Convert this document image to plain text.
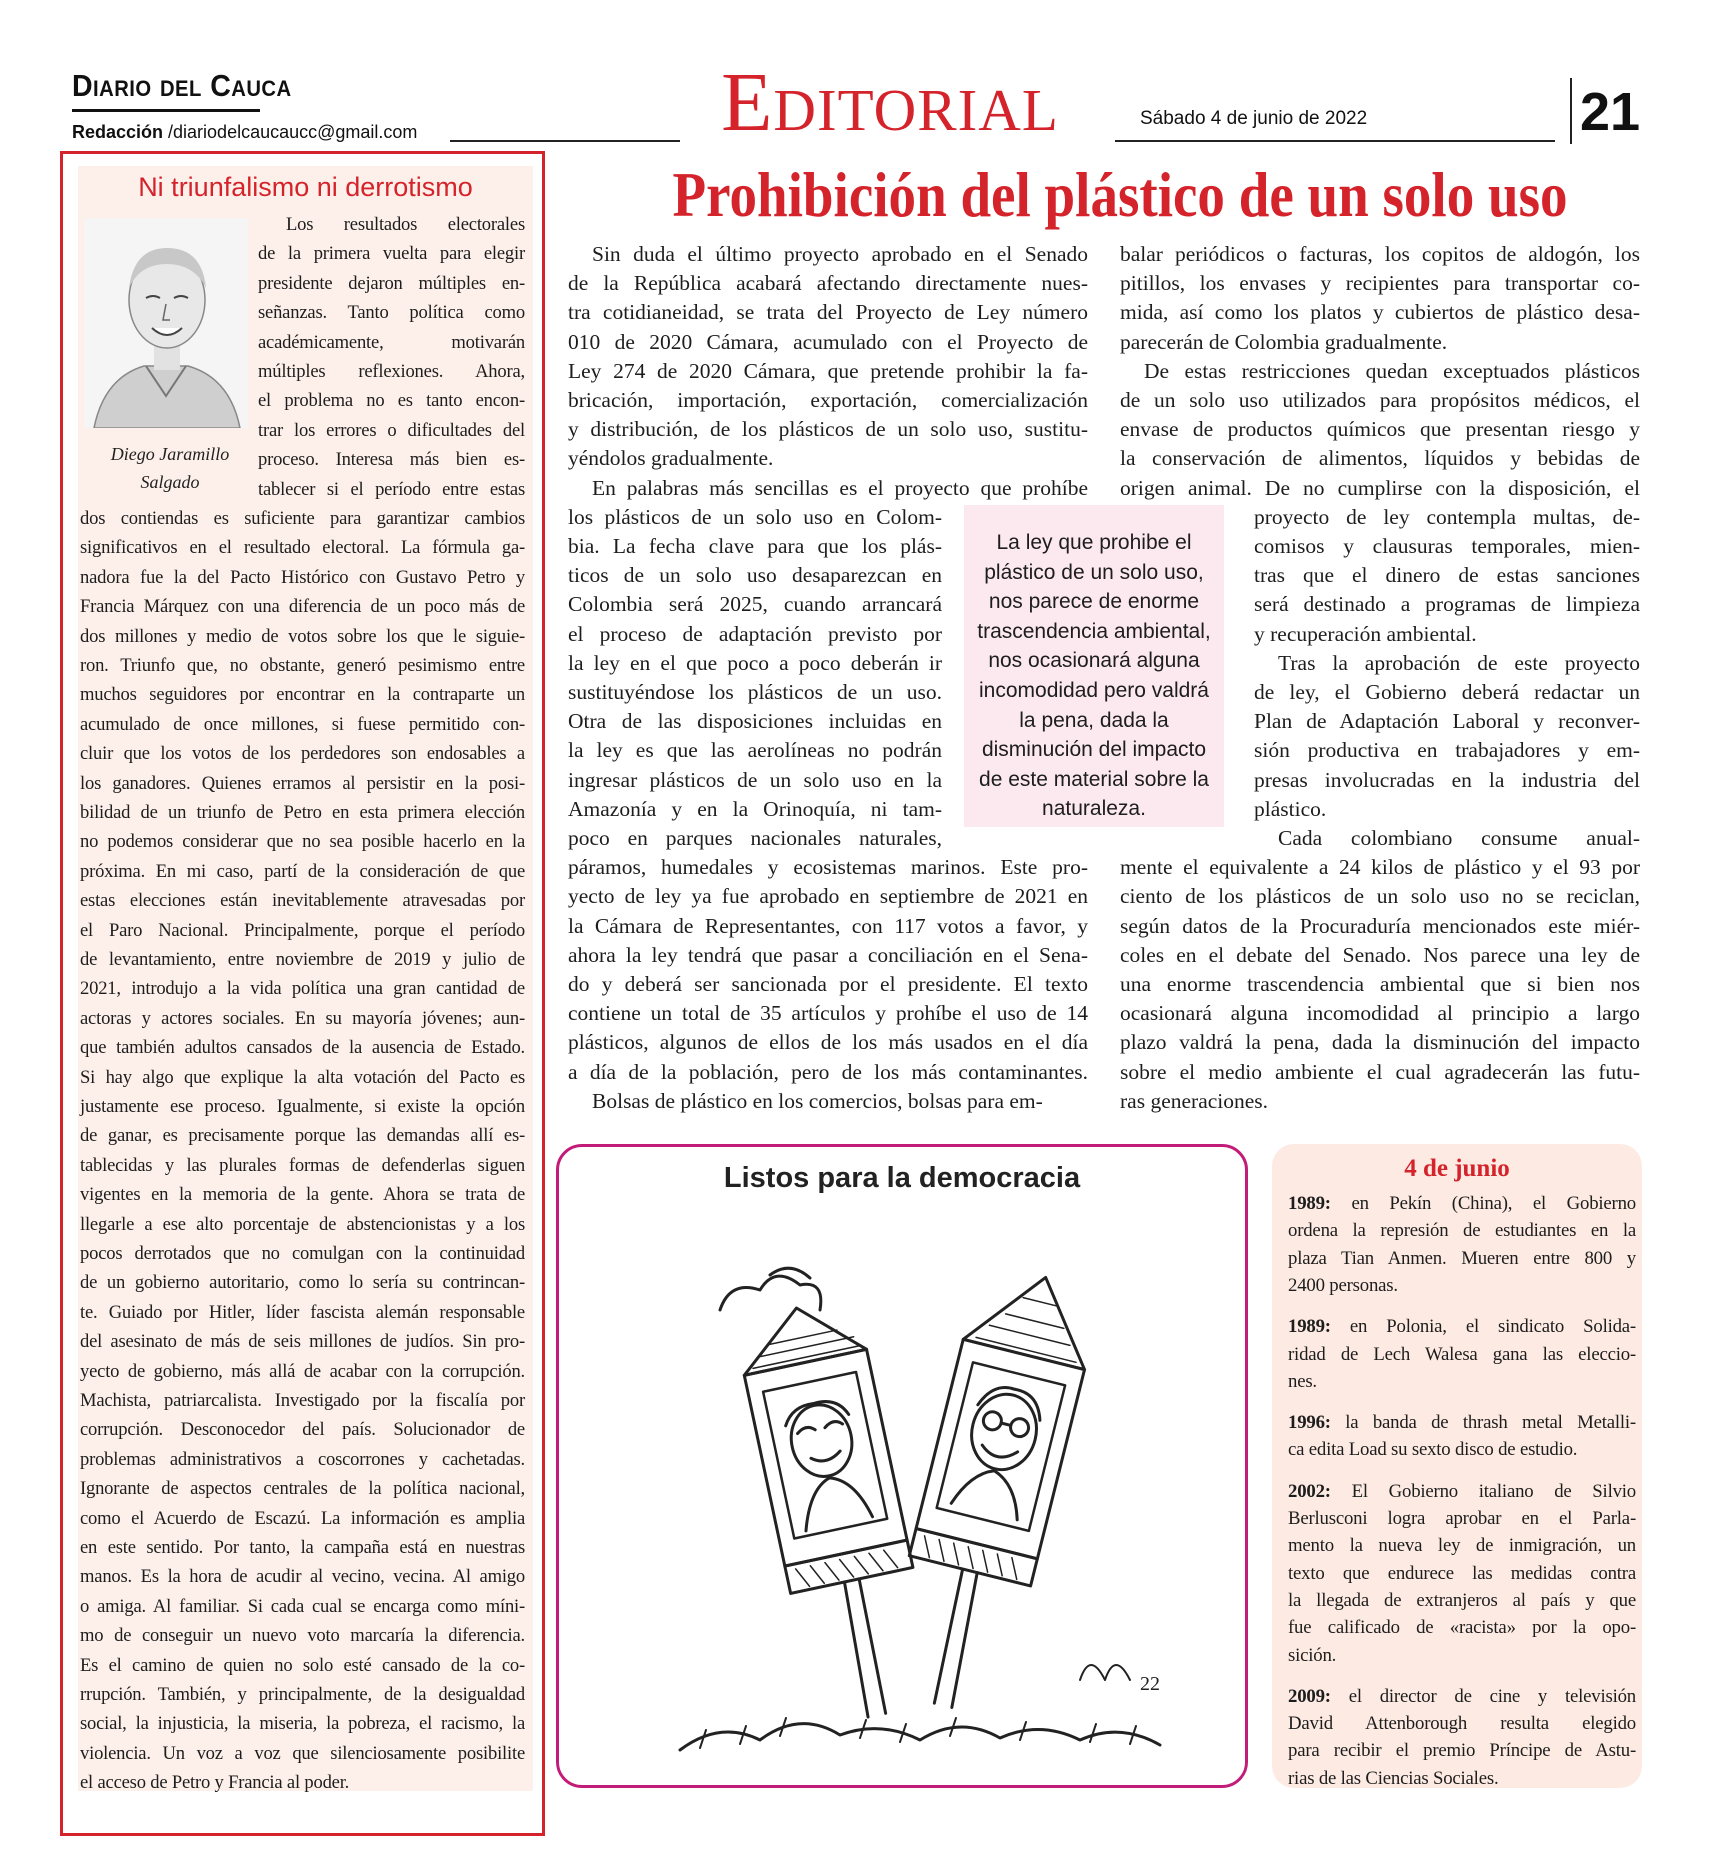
Diario del Cauca
Redacción /diariodelcaucaucc@gmail.com	Editorial	Sábado 4 de junio de 2022	21
Ni triunfalismo ni derrotismo
Diego Jaramillo
Salgado
Los resultados electorales
de la primera vuelta para elegir
presidente dejaron múltiples en-
señanzas. Tanto política como
académicamente, motivarán
múltiples reflexiones. Ahora,
el problema no es tanto encon-
trar los errores o dificultades del
proceso. Interesa más bien es-
tablecer si el período entre estas
dos contiendas es suficiente para garantizar cambios
significativos en el resultado electoral. La fórmula ga-
nadora fue la del Pacto Histórico con Gustavo Petro y
Francia Márquez con una diferencia de un poco más de
dos millones y medio de votos sobre los que le siguie-
ron. Triunfo que, no obstante, generó pesimismo entre
muchos seguidores por encontrar en la contraparte un
acumulado de once millones, si fuese permitido con-
cluir que los votos de los perdedores son endosables a
los ganadores. Quienes erramos al persistir en la posi-
bilidad de un triunfo de Petro en esta primera elección
no podemos considerar que no sea posible hacerlo en la
próxima. En mi caso, partí de la consideración de que
estas elecciones están inevitablemente atravesadas por
el Paro Nacional. Principalmente, porque el período
de levantamiento, entre noviembre de 2019 y julio de
2021, introdujo a la vida política una gran cantidad de
actoras y actores sociales. En su mayoría jóvenes; aun-
que también adultos cansados de la ausencia de Estado.
Si hay algo que explique la alta votación del Pacto es
justamente ese proceso. Igualmente, si existe la opción
de ganar, es precisamente porque las demandas allí es-
tablecidas y las plurales formas de defenderlas siguen
vigentes en la memoria de la gente. Ahora se trata de
llegarle a ese alto porcentaje de abstencionistas y a los
pocos derrotados que no comulgan con la continuidad
de un gobierno autoritario, como lo sería su contrincan-
te. Guiado por Hitler, líder fascista alemán responsable
del asesinato de más de seis millones de judíos. Sin pro-
yecto de gobierno, más allá de acabar con la corrupción.
Machista, patriarcalista. Investigado por la fiscalía por
corrupción. Desconocedor del país. Solucionador de
problemas administrativos a coscorrones y cachetadas.
Ignorante de aspectos centrales de la política nacional,
como el Acuerdo de Escazú. La información es amplia
en este sentido. Por tanto, la campaña está en nuestras
manos. Es la hora de acudir al vecino, vecina. Al amigo
o amiga. Al familiar. Si cada cual se encarga como míni-
mo de conseguir un nuevo voto marcaría la diferencia.
Es el camino de quien no solo esté cansado de la co-
rrupción. También, y principalmente, de la desigualdad
social, la injusticia, la miseria, la pobreza, el racismo, la
violencia. Un voz a voz que silenciosamente posibilite
el acceso de Petro y Francia al poder.
Prohibición del plástico de un solo uso
Sin duda el último proyecto aprobado en el Senado
de la República acabará afectando directamente nues-
tra cotidianeidad, se trata del Proyecto de Ley número
010 de 2020 Cámara, acumulado con el Proyecto de
Ley 274 de 2020 Cámara, que pretende prohibir la fa-
bricación, importación, exportación, comercialización
y distribución, de los plásticos de un solo uso, sustitu-
yéndolos gradualmente.
En palabras más sencillas es el proyecto que prohíbe
los plásticos de un solo uso en Colom-
bia. La fecha clave para que los plás-
ticos de un solo uso desaparezcan en
Colombia será 2025, cuando arrancará
el proceso de adaptación previsto por
la ley en el que poco a poco deberán ir
sustituyéndose los plásticos de un uso.
Otra de las disposiciones incluidas en
la ley es que las aerolíneas no podrán
ingresar plásticos de un solo uso en la
Amazonía y en la Orinoquía, ni tam-
poco en parques nacionales naturales,
páramos, humedales y ecosistemas marinos. Este pro-
yecto de ley ya fue aprobado en septiembre de 2021 en
la Cámara de Representantes, con 117 votos a favor, y
ahora la ley tendrá que pasar a conciliación en el Sena-
do y deberá ser sancionada por el presidente. El texto
contiene un total de 35 artículos y prohíbe el uso de 14
plásticos, algunos de ellos de los más usados en el día
a día de la población, pero de los más contaminantes.
Bolsas de plástico en los comercios, bolsas para em-
balar periódicos o facturas, los copitos de aldogón, los
pitillos, los envases y recipientes para transportar co-
mida, así como los platos y cubiertos de plástico desa-
parecerán de Colombia gradualmente.
De estas restricciones quedan exceptuados plásticos
de un solo uso utilizados para propósitos médicos, el
envase de productos químicos que presentan riesgo y
la conservación de alimentos, líquidos y bebidas de
origen animal. De no cumplirse con la disposición, el
proyecto de ley contempla multas, de-
comisos y clausuras temporales, mien-
tras que el dinero de estas sanciones
será destinado a programas de limpieza
y recuperación ambiental.
Tras la aprobación de este proyecto
de ley, el Gobierno deberá redactar un
Plan de Adaptación Laboral y reconver-
sión productiva en trabajadores y em-
presas involucradas en la industria del
plástico.
Cada colombiano consume anual-
mente el equivalente a 24 kilos de plástico y el 93 por
ciento de los plásticos de un solo uso no se reciclan,
según datos de la Procuraduría mencionados este miér-
coles en el debate del Senado. Nos parece una ley de
una enorme trascendencia ambiental que si bien nos
ocasionará alguna incomodidad al principio a largo
plazo valdrá la pena, dada la disminución del impacto
sobre el medio ambiente el cual agradecerán las futu-
ras generaciones.
La ley que prohibe el plástico de un solo uso, nos parece de enorme trascendencia ambiental, nos ocasionará alguna incomodidad pero valdrá la pena, dada la disminución del impacto de este material sobre la naturaleza.
Listos para la democracia
22
4 de junio
1989: en Pekín (China), el Gobierno
ordena la represión de estudiantes en la
plaza Tian Anmen. Mueren entre 800 y
2400 personas.
1989: en Polonia, el sindicato Solida-
ridad de Lech Walesa gana las eleccio-
nes.
1996: la banda de thrash metal Metalli-
ca edita Load su sexto disco de estudio.
2002: El Gobierno italiano de Silvio
Berlusconi logra aprobar en el Parla-
mento la nueva ley de inmigración, un
texto que endurece las medidas contra
la llegada de extranjeros al país y que
fue calificado de «racista» por la opo-
sición.
2009: el director de cine y televisión
David Attenborough resulta elegido
para recibir el premio Príncipe de Astu-
rias de las Ciencias Sociales.
